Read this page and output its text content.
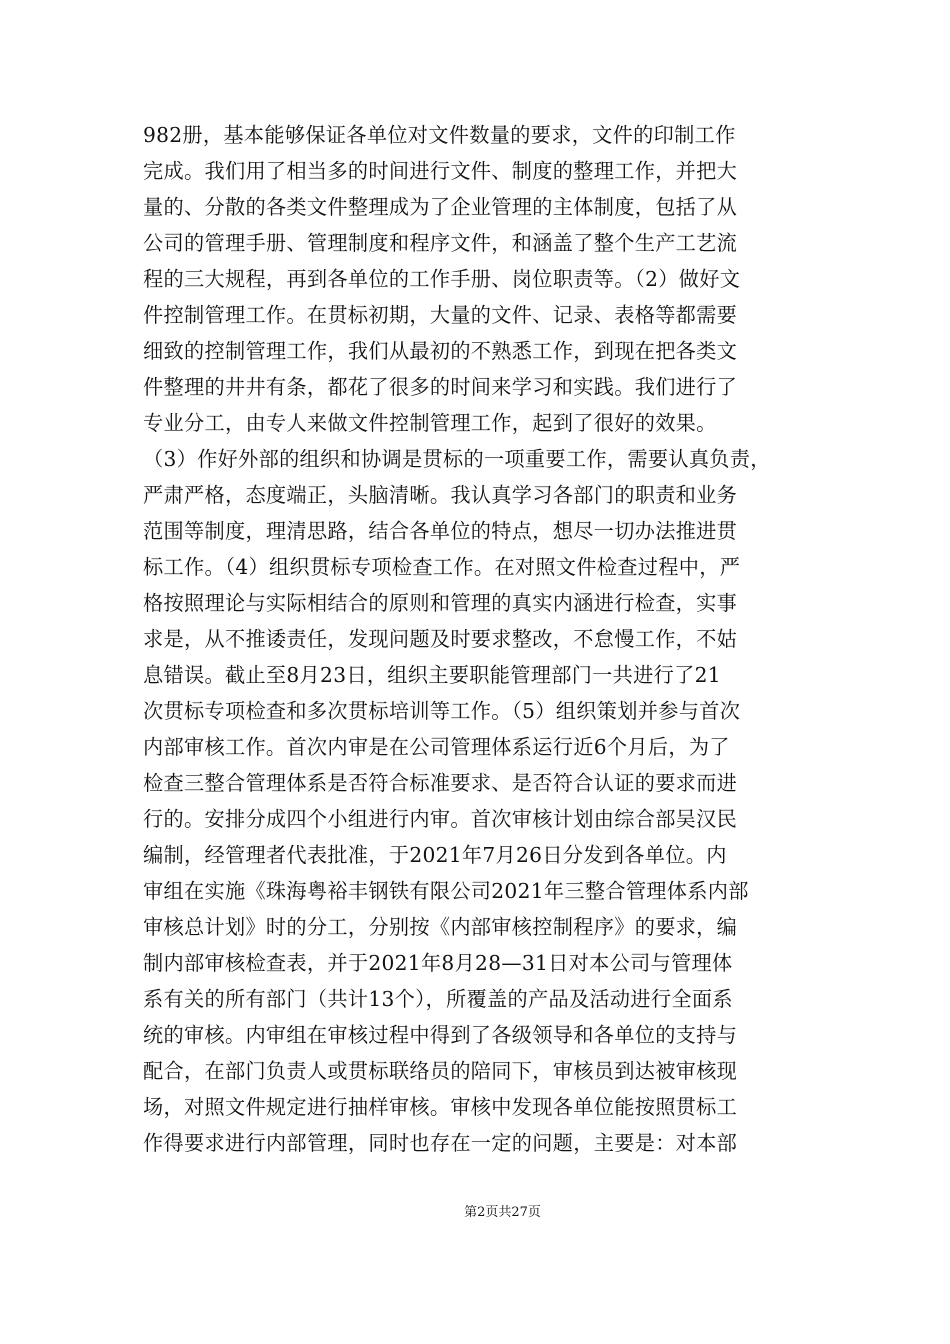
982册，基本能够保证各单位对文件数量的要求，文件的印制工作
完成。我们用了相当多的时间进行文件、制度的整理工作，并把大
量的、分散的各类文件整理成为了企业管理的主体制度，包括了从
公司的管理手册、管理制度和程序文件，和涵盖了整个生产工艺流
程的三大规程，再到各单位的工作手册、岗位职责等。（2）做好文
件控制管理工作。在贯标初期，大量的文件、记录、表格等都需要
细致的控制管理工作，我们从最初的不熟悉工作，到现在把各类文
件整理的井井有条，都花了很多的时间来学习和实践。我们进行了
专业分工，由专人来做文件控制管理工作，起到了很好的效果。
（3）作好外部的组织和协调是贯标的一项重要工作，需要认真负责，
严肃严格，态度端正，头脑清晰。我认真学习各部门的职责和业务
范围等制度，理清思路，结合各单位的特点，想尽一切办法推进贯
标工作。（4）组织贯标专项检查工作。在对照文件检查过程中，严
格按照理论与实际相结合的原则和管理的真实内涵进行检查，实事
求是，从不推诿责任，发现问题及时要求整改，不怠慢工作，不姑
息错误。截止至8月23日，组织主要职能管理部门一共进行了21
次贯标专项检查和多次贯标培训等工作。（5）组织策划并参与首次
内部审核工作。首次内审是在公司管理体系运行近6个月后，为了
检查三整合管理体系是否符合标准要求、是否符合认证的要求而进
行的。安排分成四个小组进行内审。首次审核计划由综合部吴汉民
编制，经管理者代表批准，于2021年7月26日分发到各单位。内
审组在实施《珠海粤裕丰钢铁有限公司2021年三整合管理体系内部
审核总计划》时的分工，分别按《内部审核控制程序》的要求，编
制内部审核检查表，并于2021年8月28—31日对本公司与管理体
系有关的所有部门（共计13个），所覆盖的产品及活动进行全面系
统的审核。内审组在审核过程中得到了各级领导和各单位的支持与
配合，在部门负责人或贯标联络员的陪同下，审核员到达被审核现
场，对照文件规定进行抽样审核。审核中发现各单位能按照贯标工
作得要求进行内部管理，同时也存在一定的问题，主要是：对本部
第2页共27页
